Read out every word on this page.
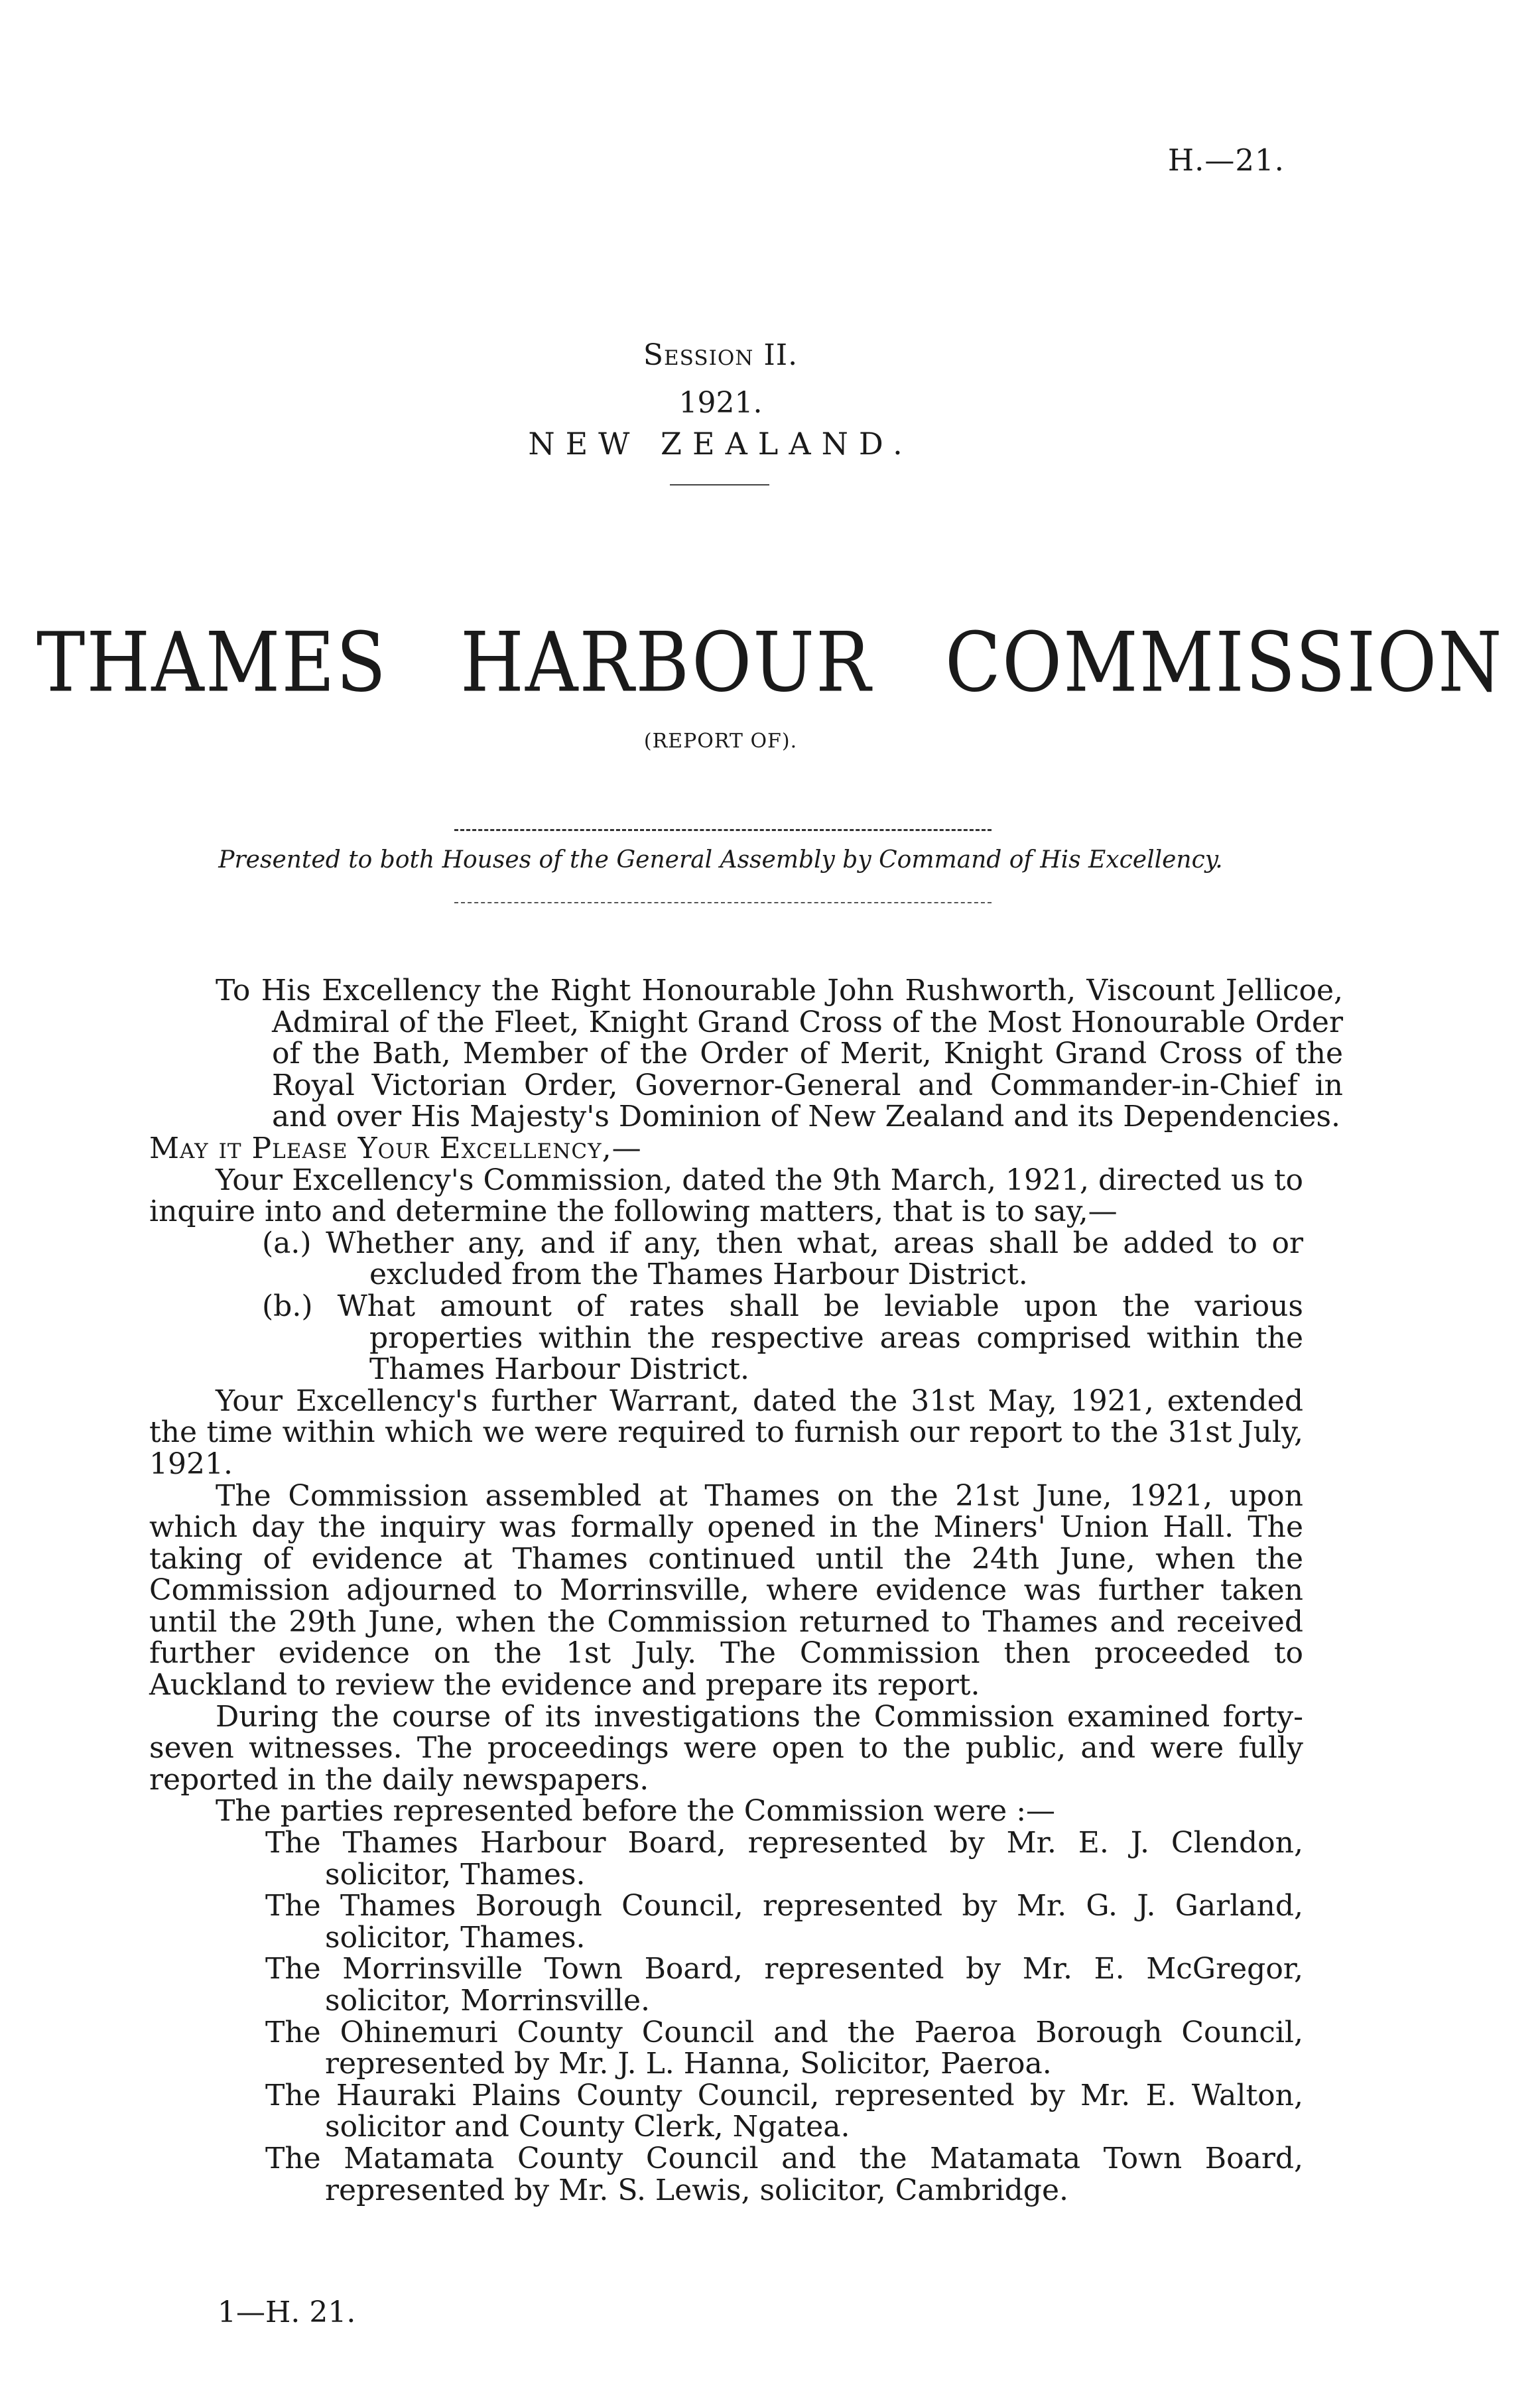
H.—21.
Session II.
1921.
NEW ZEALAND.
THAMES HARBOUR COMMISSION
(REPORT OF).
Presented to both Houses of the General Assembly by Command of His Excellency.

To His Excellency the Right Honourable John Rushworth, Viscount Jellicoe, Admiral of the Fleet, Knight Grand Cross of the Most Honourable Order of the Bath, Member of the Order of Merit, Knight Grand Cross of the Royal Victorian Order, Governor-General and Commander-in-Chief in and over His Majesty's Dominion of New Zealand and its Dependencies.

May it Please Your Excellency,—

Your Excellency's Commission, dated the 9th March, 1921, directed us to inquire into and determine the following matters, that is to say,—

(a.) Whether any, and if any, then what, areas shall be added to or excluded from the Thames Harbour District.

(b.) What amount of rates shall be leviable upon the various properties within the respective areas comprised within the Thames Harbour District.

Your Excellency's further Warrant, dated the 31st May, 1921, extended the time within which we were required to furnish our report to the 31st July, 1921.

The Commission assembled at Thames on the 21st June, 1921, upon which day the inquiry was formally opened in the Miners' Union Hall. The taking of evidence at Thames continued until the 24th June, when the Commission adjourned to Morrinsville, where evidence was further taken until the 29th June, when the Commission returned to Thames and received further evidence on the 1st July. The Commission then proceeded to Auckland to review the evidence and prepare its report.

During the course of its investigations the Commission examined forty-seven witnesses. The proceedings were open to the public, and were fully reported in the daily newspapers.

The parties represented before the Commission were :—

The Thames Harbour Board, represented by Mr. E. J. Clendon, solicitor, Thames.

The Thames Borough Council, represented by Mr. G. J. Garland, solicitor, Thames.

The Morrinsville Town Board, represented by Mr. E. McGregor, solicitor, Morrinsville.

The Ohinemuri County Council and the Paeroa Borough Council, represented by Mr. J. L. Hanna, Solicitor, Paeroa.

The Hauraki Plains County Council, represented by Mr. E. Walton, solicitor and County Clerk, Ngatea.

The Matamata County Council and the Matamata Town Board, represented by Mr. S. Lewis, solicitor, Cambridge.

1—H. 21.
